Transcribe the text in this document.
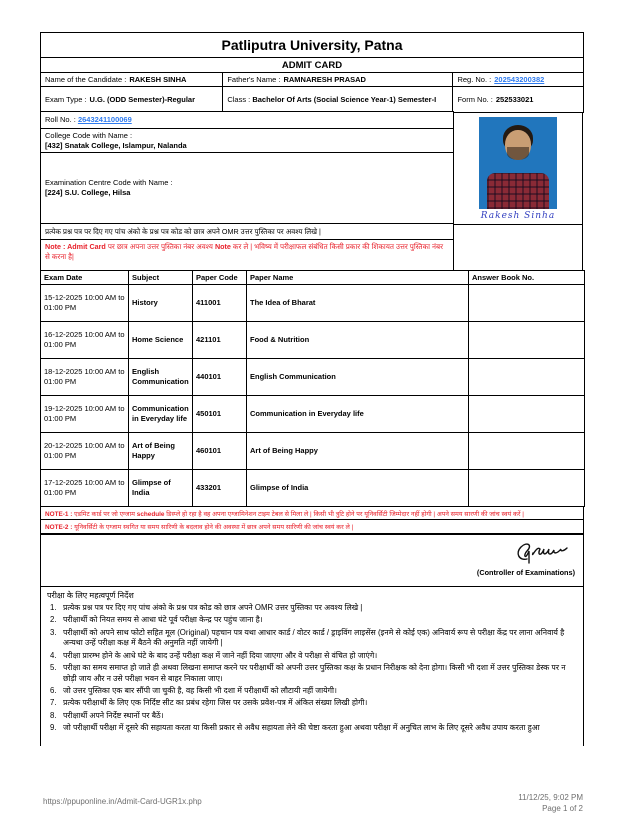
Patliputra University, Patna
ADMIT CARD
Name of the Candidate : RAKESH SINHA	Father's Name : RAMNARESH PRASAD	Reg. No. : 202543200382
Exam Type : U.G. (ODD Semester)-Regular	Class : Bachelor Of Arts (Social Science Year-1) Semester-I	Form No. : 252533021
Roll No. :
2643241100069
College Code with Name :
[432] Snatak College, Islampur, Nalanda
Examination Centre Code with Name :
[224] S.U. College, Hilsa
प्रत्येक प्रश्न पत्र पर दिए गए पांच अंको के प्रश्न पत्र कोड को छात्र अपने OMR उत्तर पुस्तिका पर अवश्य लिखे |
Note : Admit Card पर छात्र अपना उत्तर पुस्तिका नंबर अवश्य Note कर ले | भविष्य में परीक्षाफल संबंधित किसी प्रकार की शिकायत उत्तर पुस्तिका नंबर से करना है|
Rakesh Sinha
Exam Date	Subject	Paper Code	Paper Name	Answer Book No.
15-12-2025 10:00 AM to 01:00 PM	History	411001	The Idea of Bharat	
16-12-2025 10:00 AM to 01:00 PM	Home Science	421101	Food & Nutrition	
18-12-2025 10:00 AM to 01:00 PM	English Communication	440101	English Communication	
19-12-2025 10:00 AM to 01:00 PM	Communication in Everyday life	450101	Communication in Everyday life	
20-12-2025 10:00 AM to 01:00 PM	Art of Being Happy	460101	Art of Being Happy	
17-12-2025 10:00 AM to 01:00 PM	Glimpse of India	433201	Glimpse of India	
NOTE-1 : एडमिट कार्ड पर जो एग्जाम schedule डिस्प्ले हो रहा है वह अपना एग्जामिनेशन टाइम टेबल से मिला ले | किसी भी त्रुटि होने पर यूनिवर्सिटी जिम्मेदार नहीं होगी | अपने समय सारणी की जांच स्वयं करें |
NOTE-2 : यूनिवर्सिटी के एग्जाम स्थगित या समय सारिणी के बदलाव होने की अवस्था में छात्र अपने समय सारिणी की जांच स्वयं कर ले |
(Controller of Examinations)
परीक्षा के लिए महत्वपूर्ण निर्देश
प्रत्येक प्रश्न पत्र पर दिए गए पांच अंको के प्रश्न पत्र कोड को छात्र अपने OMR उत्तर पुस्तिका पर अवश्य लिखे |
परीक्षार्थी को नियत समय से आधा घंटे पूर्व परीक्षा केन्द्र पर पहुंच जाना है।
परीक्षार्थी को अपने साथ फोटो सहित मूल (Original) पहचान पत्र यथा आधार कार्ड / वोटर कार्ड / ड्राइविंग लाइसेंस (इनमे से कोई एक) अनिवार्य रूप से परीक्षा केंद्र पर लाना अनिवार्य है अन्यथा उन्हें परीक्षा कक्ष में बैठने की अनुमति नहीं जायेगी |
परीक्षा प्रारम्भ होने के आधे घंटे के बाद उन्हें परीक्षा कक्ष में जाने नहीं दिया जाएगा और वे परीक्षा से वंचित हो जाएंगे।
परीक्षा का समय समाप्त हो जाते ही अथवा लिखना समाप्त करने पर परीक्षार्थी को अपनी उत्तर पुस्तिका कक्ष के प्रधान निरीक्षक को देना होगा। किसी भी दशा में उत्तर पुस्तिका डेस्क पर न छोड़ी जाय और न उसे परीक्षा भवन से बाहर निकाला जाए।
जो उत्तर पुस्तिका एक बार सौंपी जा चुकी है, वह किसी भी दशा में परीक्षार्थी को लौटायी नहीं जायेगी।
प्रत्येक परीक्षार्थी के लिए एक निर्दिष्ट सीट का प्रबंध रहेगा जिस पर उसके प्रवेश-पत्र में अंकित संख्या लिखी होगी।
परीक्षार्थी अपने निर्देष्ट स्थानों पर बैठें।
जो परीक्षार्थी परीक्षा में दूसरे की सहायता करता या किसी प्रकार से अवैध सहायता लेने की चेष्टा करता हुआ अथवा परीक्षा में अनुचित लाभ के लिए दूसरे अवैध उपाय करता हुआ
https://ppuponline.in/Admit-Card-UGR1x.php	11/12/25, 9:02 PM
Page 1 of 2
